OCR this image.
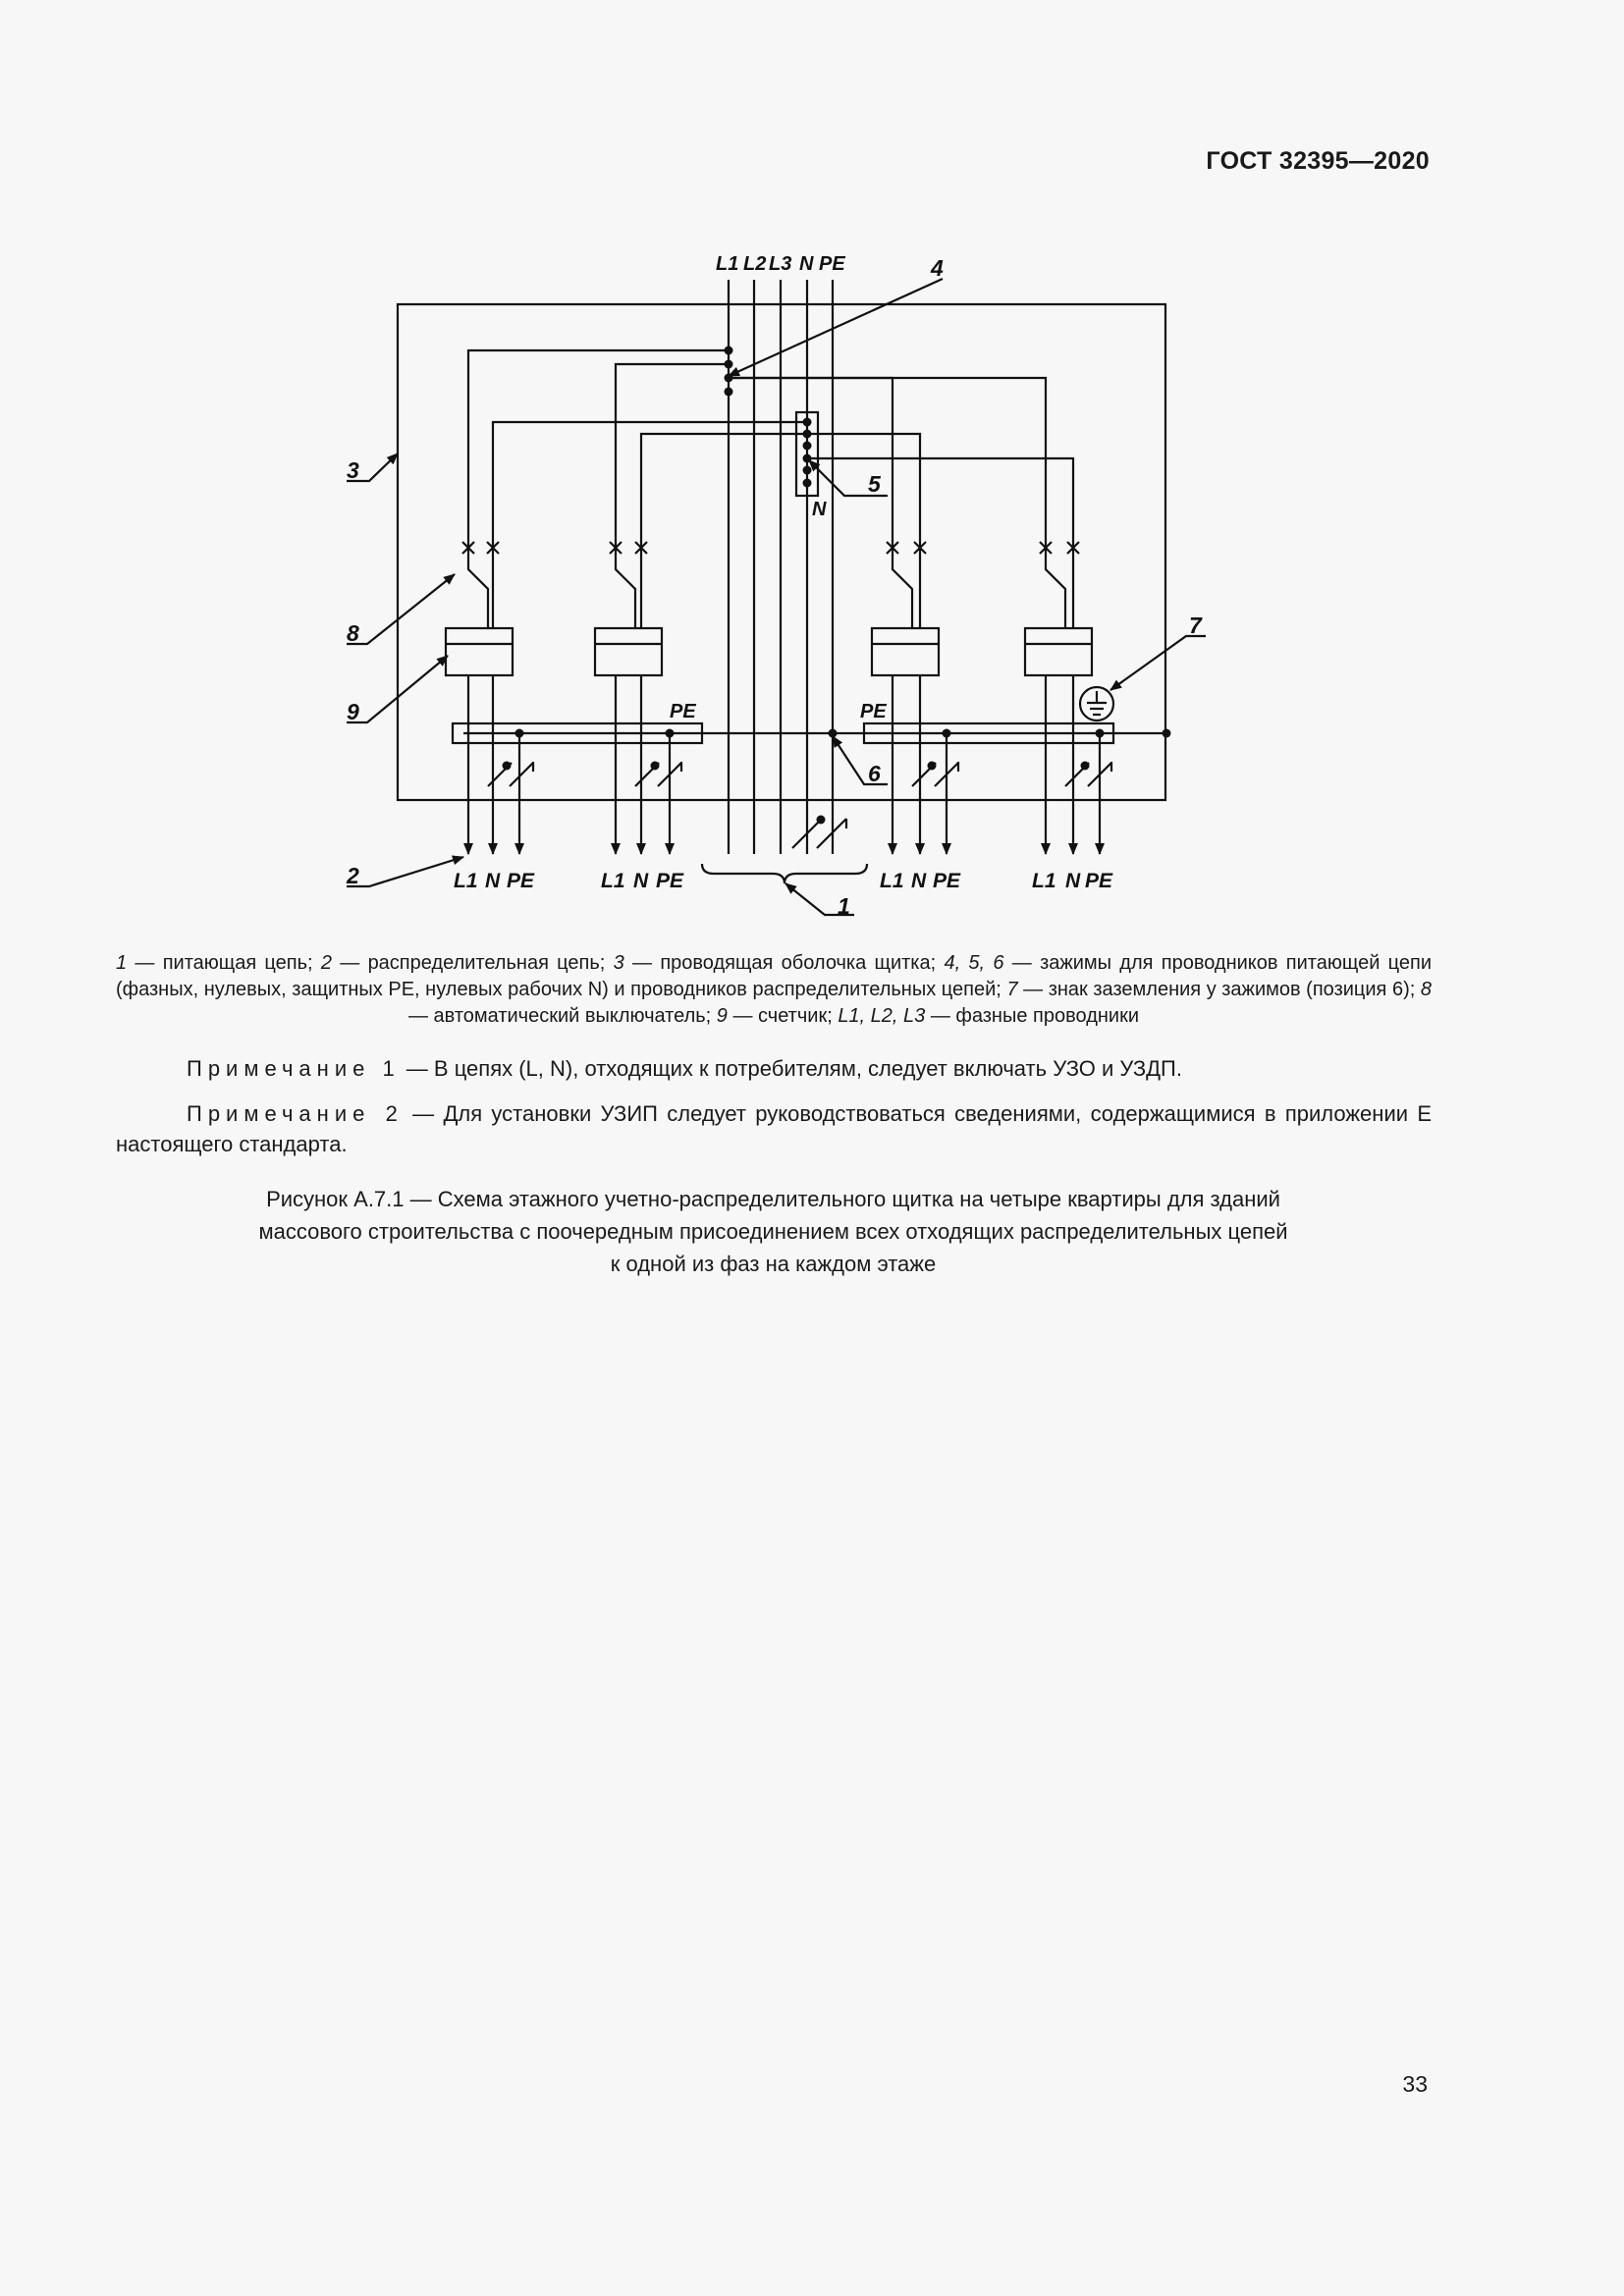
ГОСТ 32395—2020
L1 L2 L3 N PE
N
PE	PE
L1 N PE	L1 N PE	L1 N PE	L1 N PE
1
2
3
4
5
6
7
8
9
1 — питающая цепь; 2 — распределительная цепь; 3 — проводящая оболочка щитка; 4, 5, 6 — зажимы для проводников питающей цепи (фазных, нулевых, защитных PE, нулевых рабочих N) и проводников распределительных цепей; 7 — знак заземления у зажимов (позиция 6); 8 — автоматический выключатель; 9 — счетчик; L1, L2, L3 — фазные проводники
Примечание 1 — В цепях (L, N), отходящих к потребителям, следует включать УЗО и УЗДП.
Примечание 2 — Для установки УЗИП следует руководствоваться сведениями, содержащимися в приложении Е настоящего стандарта.
Рисунок А.7.1 — Схема этажного учетно-распределительного щитка на четыре квартиры для зданий
массового строительства с поочередным присоединением всех отходящих распределительных цепей
к одной из фаз на каждом этаже
33
